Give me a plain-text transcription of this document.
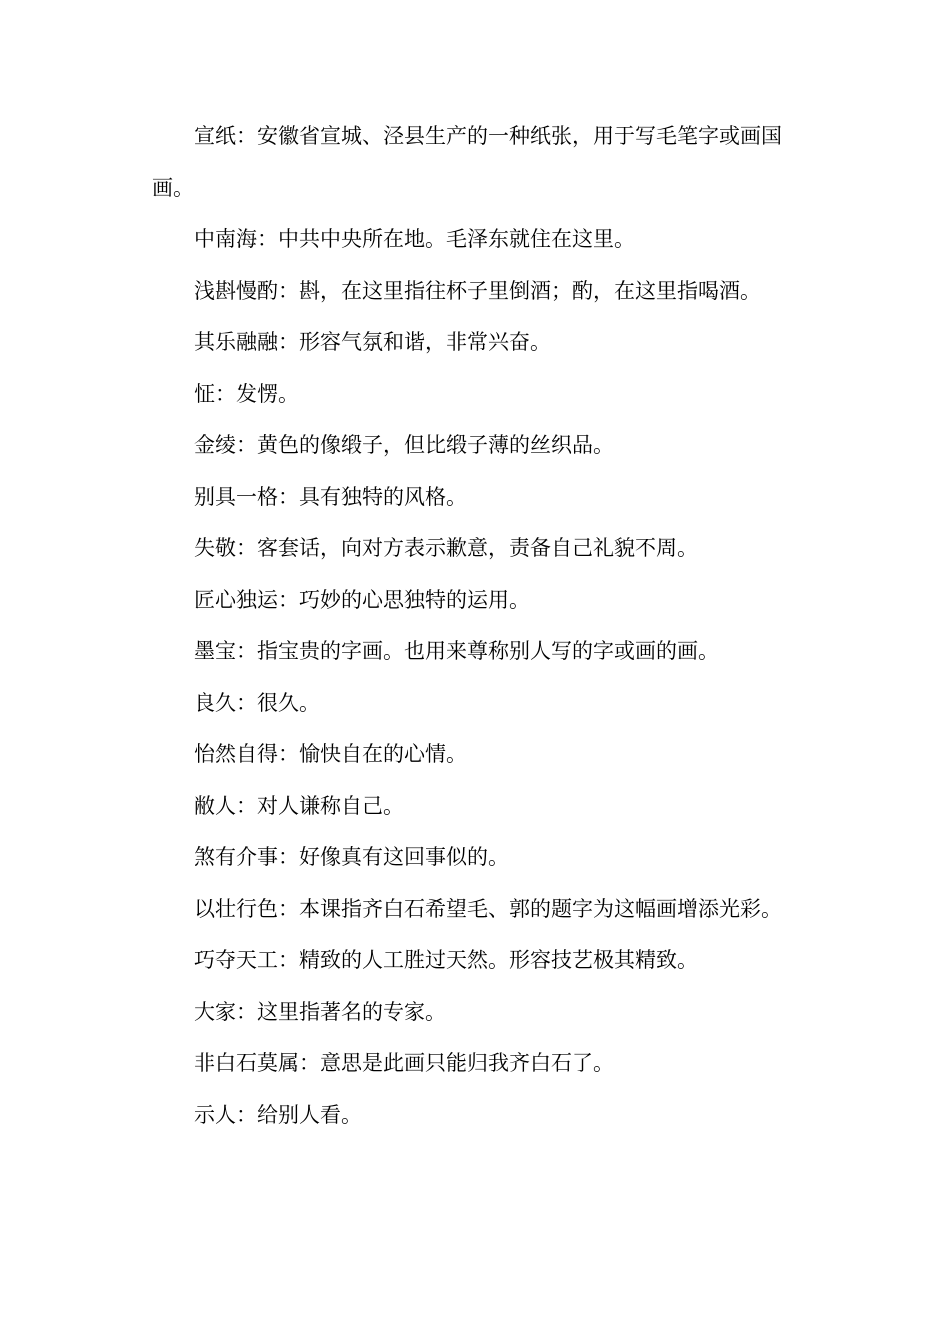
宣纸：安徽省宣城、泾县生产的一种纸张，用于写毛笔字或画国画。

中南海：中共中央所在地。毛泽东就住在这里。

浅斟慢酌：斟，在这里指往杯子里倒酒；酌，在这里指喝酒。

其乐融融：形容气氛和谐，非常兴奋。

怔：发愣。

金绫：黄色的像缎子，但比缎子薄的丝织品。

别具一格：具有独特的风格。

失敬：客套话，向对方表示歉意，责备自己礼貌不周。

匠心独运：巧妙的心思独特的运用。

墨宝：指宝贵的字画。也用来尊称别人写的字或画的画。

良久：很久。

怡然自得：愉快自在的心情。

敝人：对人谦称自己。

煞有介事：好像真有这回事似的。

以壮行色：本课指齐白石希望毛、郭的题字为这幅画增添光彩。

巧夺天工：精致的人工胜过天然。形容技艺极其精致。

大家：这里指著名的专家。

非白石莫属：意思是此画只能归我齐白石了。

示人：给别人看。
